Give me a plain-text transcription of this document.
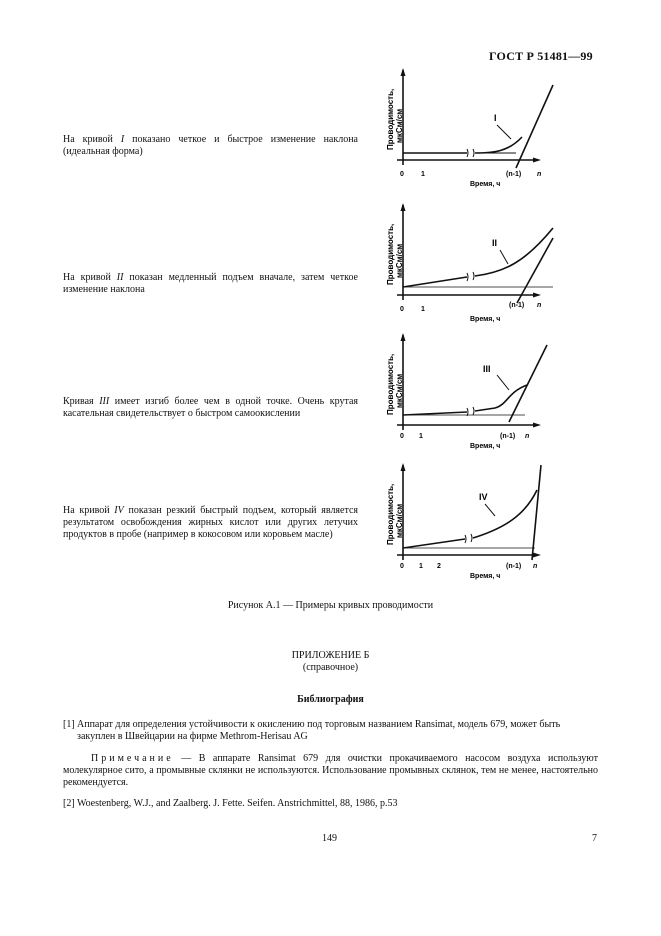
ГОСТ Р 51481—99
На кривой I показано четкое и быстрое изменение наклона (идеальная форма)
На кривой II показан медленный подъем вначале, затем четкое изменение наклона
Кривая III имеет изгиб более чем в одной точке. Очень крутая касательная свидетельствует о быстром самоокислении
На кривой IV показан резкий быстрый подъем, который является результатом освобождения жирных кислот или других летучих продуктов в пробе (например в кокосовом или коровьем масле)
Проводимость, мкСм/см	I
0 1	(n-1) n
Время, ч
Проводимость, мкСм/см
II
0 1
(n-1) n
Время, ч
Проводимость, мкСм/см
III
0 1	(n-1) n
Время, ч
Проводимость, мкСм/см
IV
0 1 2	(n-1) n
Время, ч
Рисунок А.1 — Примеры кривых проводимости
ПРИЛОЖЕНИЕ Б
(справочное)
Библиография
[1] Аппарат для определения устойчивости к окислению под торговым названием Ransimat, модель 679, может быть закуплен в Швейцарии на фирме Methrom-Herisau AG
Примечание — В аппарате Ransimat 679 для очистки прокачиваемого насосом воздуха используют молекулярное сито, а промывные склянки не используются. Использование промывных склянок, тем не менее, настоятельно рекомендуется.
[2] Woestenberg, W.J., and Zaalberg. J. Fette. Seifen. Anstrichmittel, 88, 1986, p.53
149	7
